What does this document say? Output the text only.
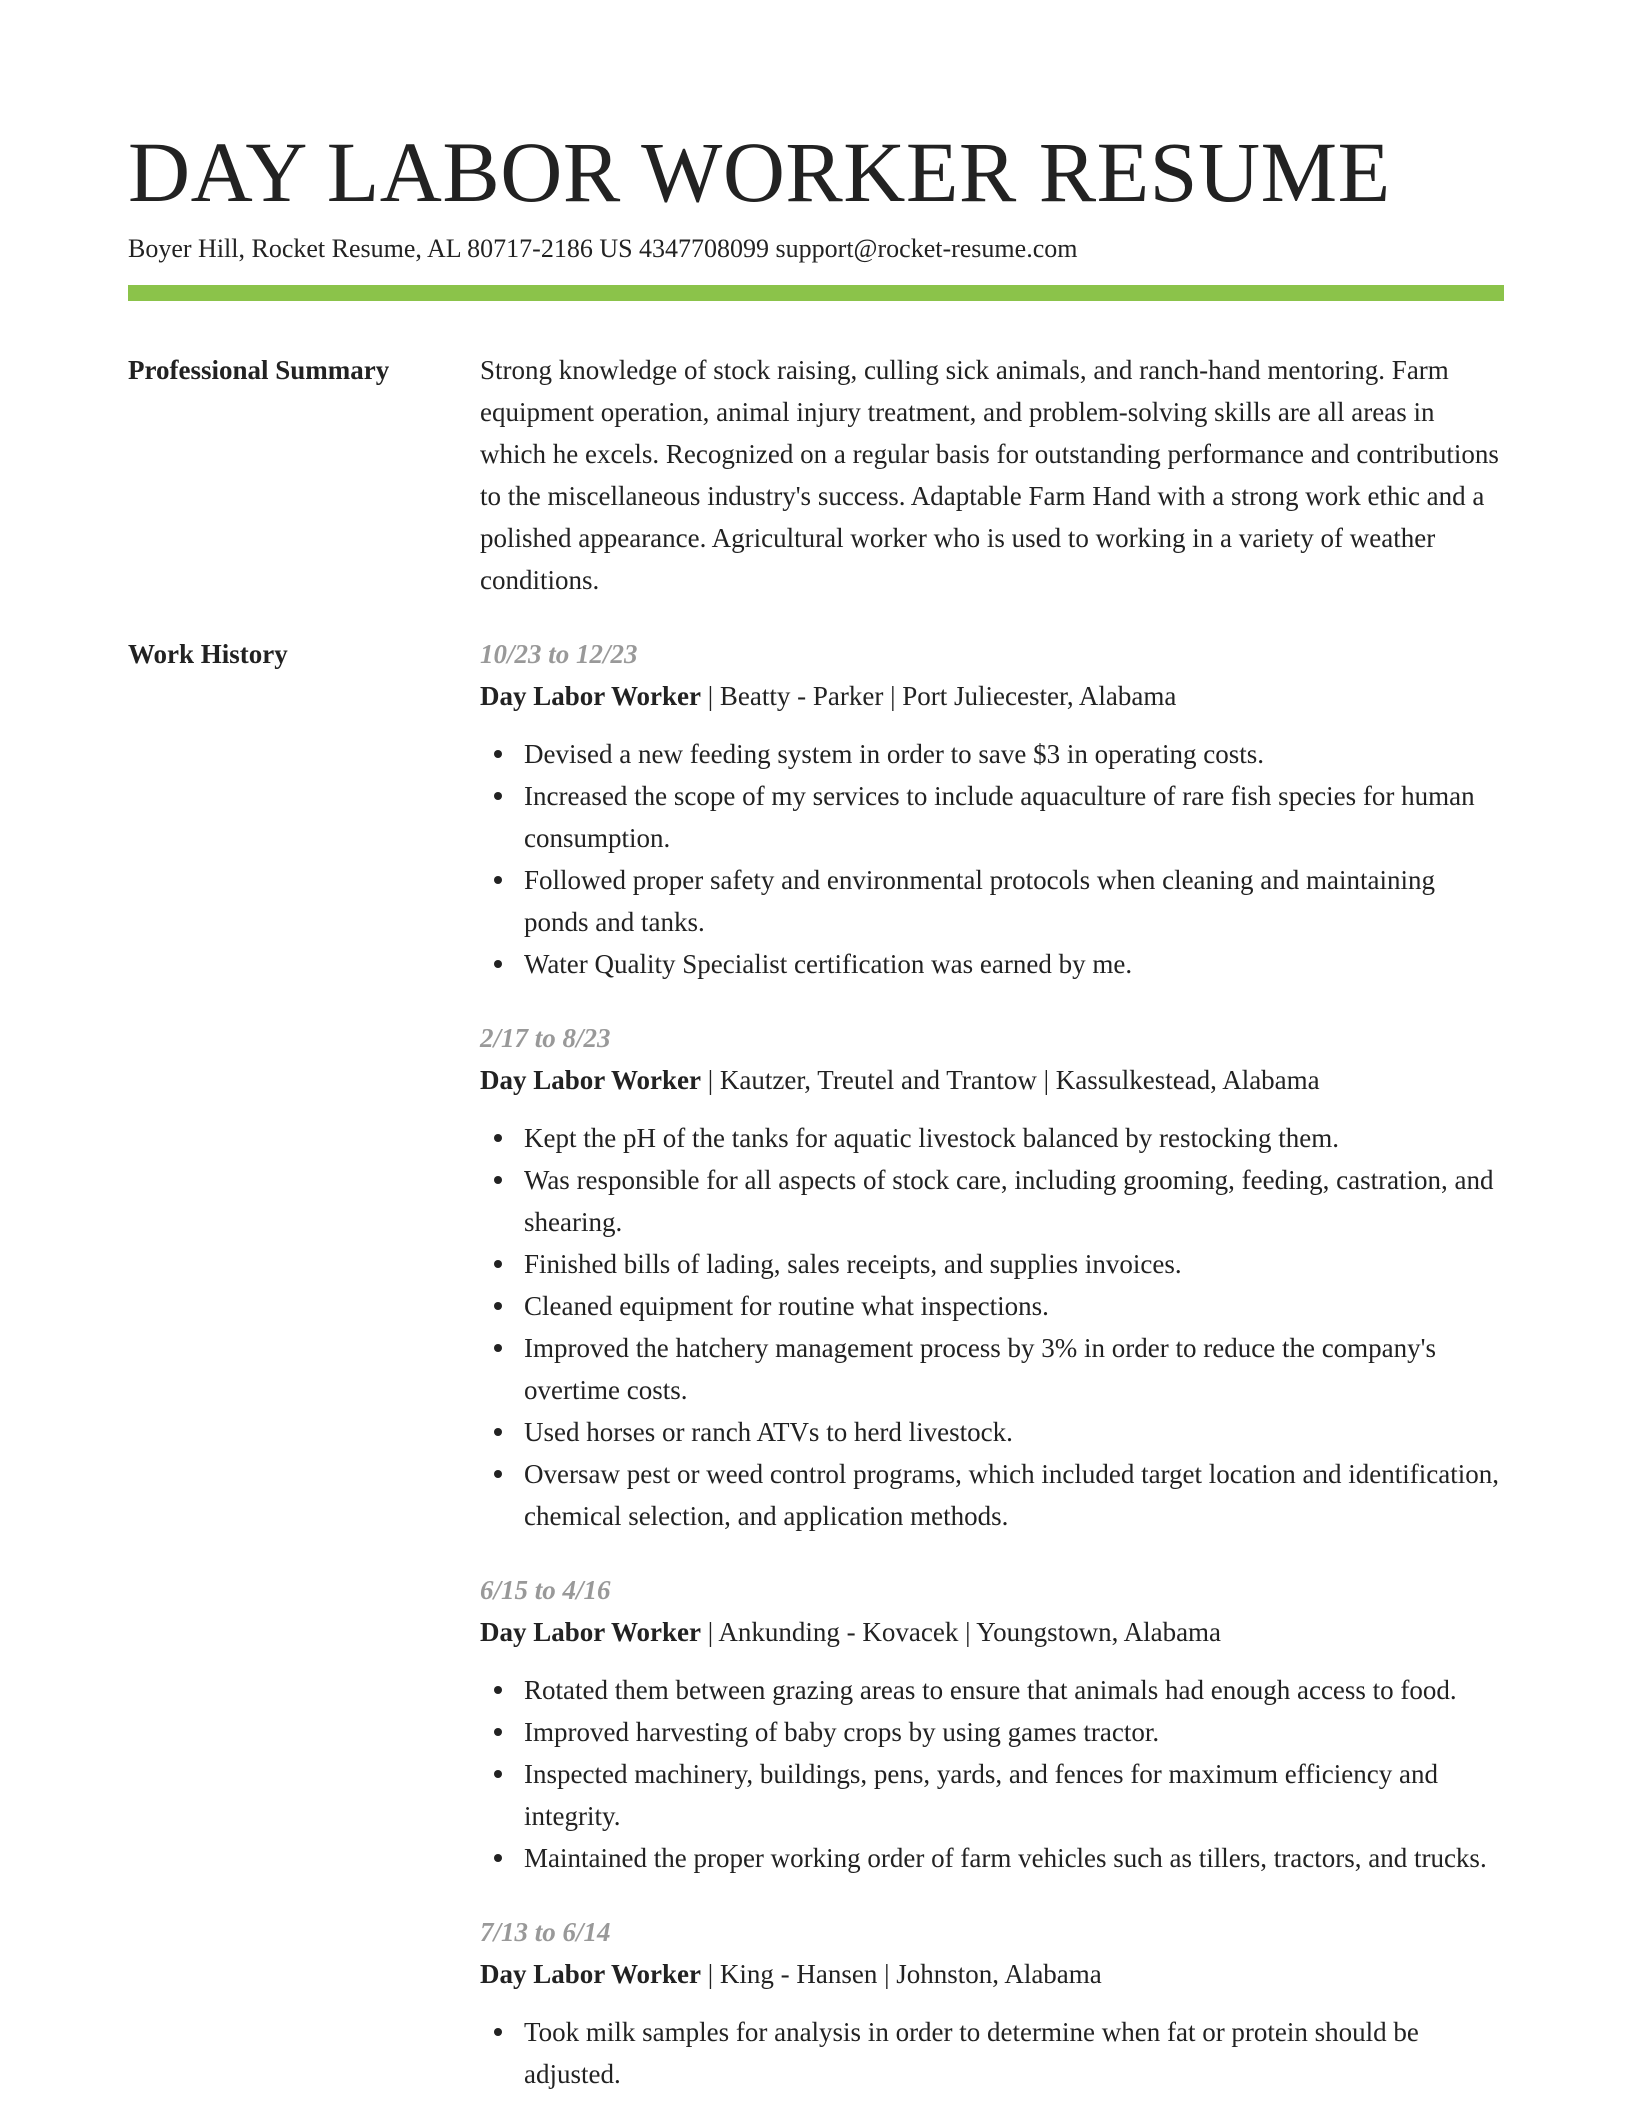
DAY LABOR WORKER RESUME
Boyer Hill, Rocket Resume, AL 80717-2186 US 4347708099 support@rocket-resume.com
Professional Summary	Strong knowledge of stock raising, culling sick animals, and ranch-hand mentoring. Farm equipment operation, animal injury treatment, and problem-solving skills are all areas in which he excels. Recognized on a regular basis for outstanding performance and contributions to the miscellaneous industry's success. Adaptable Farm Hand with a strong work ethic and a polished appearance. Agricultural worker who is used to working in a variety of weather conditions.

Work History	10/23 to 12/23
Day Labor Worker | Beatty - Parker | Port Juliecester, Alabama
Devised a new feeding system in order to save $3 in operating costs.
Increased the scope of my services to include aquaculture of rare fish species for human consumption.
Followed proper safety and environmental protocols when cleaning and maintaining ponds and tanks.
Water Quality Specialist certification was earned by me.
2/17 to 8/23
Day Labor Worker | Kautzer, Treutel and Trantow | Kassulkestead, Alabama
Kept the pH of the tanks for aquatic livestock balanced by restocking them.
Was responsible for all aspects of stock care, including grooming, feeding, castration, and shearing.
Finished bills of lading, sales receipts, and supplies invoices.
Cleaned equipment for routine what inspections.
Improved the hatchery management process by 3% in order to reduce the company's overtime costs.
Used horses or ranch ATVs to herd livestock.
Oversaw pest or weed control programs, which included target location and identification, chemical selection, and application methods.
6/15 to 4/16
Day Labor Worker | Ankunding - Kovacek | Youngstown, Alabama
Rotated them between grazing areas to ensure that animals had enough access to food.
Improved harvesting of baby crops by using games tractor.
Inspected machinery, buildings, pens, yards, and fences for maximum efficiency and integrity.
Maintained the proper working order of farm vehicles such as tillers, tractors, and trucks.
7/13 to 6/14
Day Labor Worker | King - Hansen | Johnston, Alabama
Took milk samples for analysis in order to determine when fat or protein should be adjusted.
